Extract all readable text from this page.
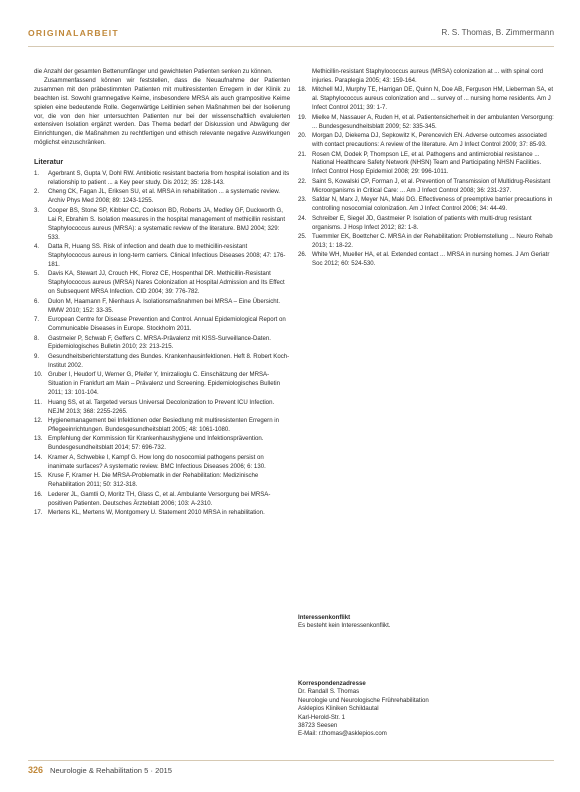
ORIGINALARBEIT	R. S. Thomas, B. Zimmermann

die Anzahl der gesamten Bettenumfänger und gewichteten Patienten senken zu können.

Zusammenfassend können wir feststellen, dass die Neuaufnahme der Patienten zusammen mit den präbestimmten Patienten mit multiresistenten Erregern in der Klinik zu beachten ist. Sowohl gramnegative Keime, insbesondere MRSA als auch grampositive Keime spielen eine bedeutende Rolle. Gegenwärtige Leitlinien sehen Maßnahmen bei der Isolierung vor, die von den hier untersuchten Patienten nur bei der wissenschaftlich evaluierten extensiven Isolation ergänzt werden. Das Thema bedarf der Diskussion und Abwägung der Einrichtungen, die Maßnahmen zu rechtfertigen und ethisch relevante negative Auswirkungen möglichst einzuschränken.

Literatur
1. Agerbrant S, Gupta V, Dohl RW. Antibiotic resistant bacteria from hospital isolation and its relationship to patient ... a Key peer study. Dis 2012; 35: 128-143.
2. Cheng CK, Fagan JL, Eriksen SU, et al. MRSA in rehabilitation ... a systematic review. Archiv Phys Med 2008; 89: 1243-1255.
3. Cooper BS, Stone SP, Kibbler CC, Cookson BD, Roberts JA, Medley GF, Duckworth G, Lai R, Ebrahim S. Isolation measures in the hospital management of methicillin resistant Staphylococcus aureus (MRSA): a systematic review of the literature. BMJ 2004; 329: 533.
4. Datta R, Huang SS. Risk of infection and death due to methicillin-resistant Staphylococcus aureus in long-term carriers. Clinical Infectious Diseases 2008; 47: 176-181.
5. Davis KA, Stewart JJ, Crouch HK, Florez CE, Hospenthal DR. Methicillin-Resistant Staphylococcus aureus (MRSA) Nares Colonization at Hospital Admission and Its Effect on Subsequent MRSA Infection. CID 2004; 39: 776-782.
6. Dulon M, Haamann F, Nienhaus A. Isolationsmaßnahmen bei MRSA – Eine Übersicht. MMW 2010; 152: 33-35.
7. European Centre for Disease Prevention and Control. Annual Epidemiological Report on Communicable Diseases in Europe. Stockholm 2011.
8. Gastmeier P, Schwab F, Geffers C. MRSA-Prävalenz mit KISS-Surveillance-Daten. Epidemiologisches Bulletin 2010; 23: 213-215.
9. Gesundheitsberichterstattung des Bundes. Krankenhausinfektionen. Heft 8. Robert Koch-Institut 2002.
10. Gruber I, Heudorf U, Werner G, Pfeifer Y, Imirzalioglu C. Einschätzung der MRSA-Situation in Frankfurt am Main – Prävalenz und Screening. Epidemiologisches Bulletin 2011; 13: 101-104.
11. Huang SS, et al. Targeted versus Universal Decolonization to Prevent ICU Infection. NEJM 2013; 368: 2255-2265.
12. Hygienemanagement bei Infektionen oder Besiedlung mit multiresistenten Erregern in Pflegeeinrichtungen. Bundesgesundheitsblatt 2005; 48: 1061-1080.
13. Empfehlung der Kommission für Krankenhaushygiene und Infektionsprävention. Bundesgesundheitsblatt 2014; 57: 696-732.
14. Kramer A, Schwebke I, Kampf G. How long do nosocomial pathogens persist on inanimate surfaces? A systematic review. BMC Infectious Diseases 2006; 6: 130.
15. Kruse F, Kramer H. Die MRSA-Problematik in der Rehabilitation: Medizinische Rehabilitation 2011; 50: 312-318.
16. Lederer JL, Gamtli O, Moritz TH, Glass C, et al. Ambulante Versorgung bei MRSA-positiven Patienten. Deutsches Ärzteblatt 2006; 103: A-2310.
17. Mertens KL, Mertens W, Montgomery U. Statement 2010 MRSA in rehabilitation.
Methicillin-resistant Staphylococcus aureus (MRSA) colonization at ... with spinal cord injuries. Paraplegia 2005; 43: 159-164.
18. Mitchell MJ, Murphy TE, Harrigan DE, Quinn N, Doe AB, Ferguson HM, Lieberman SA, et al. Staphylococcus aureus colonization and ... survey of ... nursing home residents. Am J Infect Control 2011; 39: 1-7.
19. Mielke M, Nassauer A, Ruden H, et al. Patientensicherheit in der ambulanten Versorgung: ... Bundesgesundheitsblatt 2009; 52: 335-345.
20. Morgan DJ, Diekema DJ, Sepkowitz K, Perencevich EN. Adverse outcomes associated with contact precautions: A review of the literature. Am J Infect Control 2009; 37: 85-93.
21. Rosen CM, Dodek P, Thompson LE, et al. Pathogens and antimicrobial resistance ... National Healthcare Safety Network (NHSN) Team and Participating NHSN Facilities. Infect Control Hosp Epidemiol 2008; 29: 996-1011.
22. Saint S, Kowalski CP, Forman J, et al. Prevention of Transmission of Multidrug-Resistant Microorganisms in Critical Care: ... Am J Infect Control 2008; 36: 231-237.
23. Safdar N, Marx J, Meyer NA, Maki DG. Effectiveness of preemptive barrier precautions in controlling nosocomial colonization. Am J Infect Control 2006; 34: 44-49.
24. Schreiber E, Siegel JD, Gastmeier P. Isolation of patients with multi-drug resistant organisms. J Hosp Infect 2012; 82: 1-8.
25. Tuemmler EK, Boettcher C. MRSA in der Rehabilitation: Problemstellung ... Neuro Rehab 2013; 1: 18-22.
26. White WH, Mueller HA, et al. Extended contact ... MRSA in nursing homes. J Am Geriatr Soc 2012; 60: 524-530.
Interessenkonflikt
Es besteht kein Interessenkonflikt.
Korrespondenzadresse
Dr. Randall S. Thomas
Neurologie und Neurologische Frührehabilitation
Asklepios Kliniken Schildautal
Karl-Herold-Str. 1
38723 Seesen
E-Mail: r.thomas@asklepios.com
326 Neurologie & Rehabilitation 5 · 2015
